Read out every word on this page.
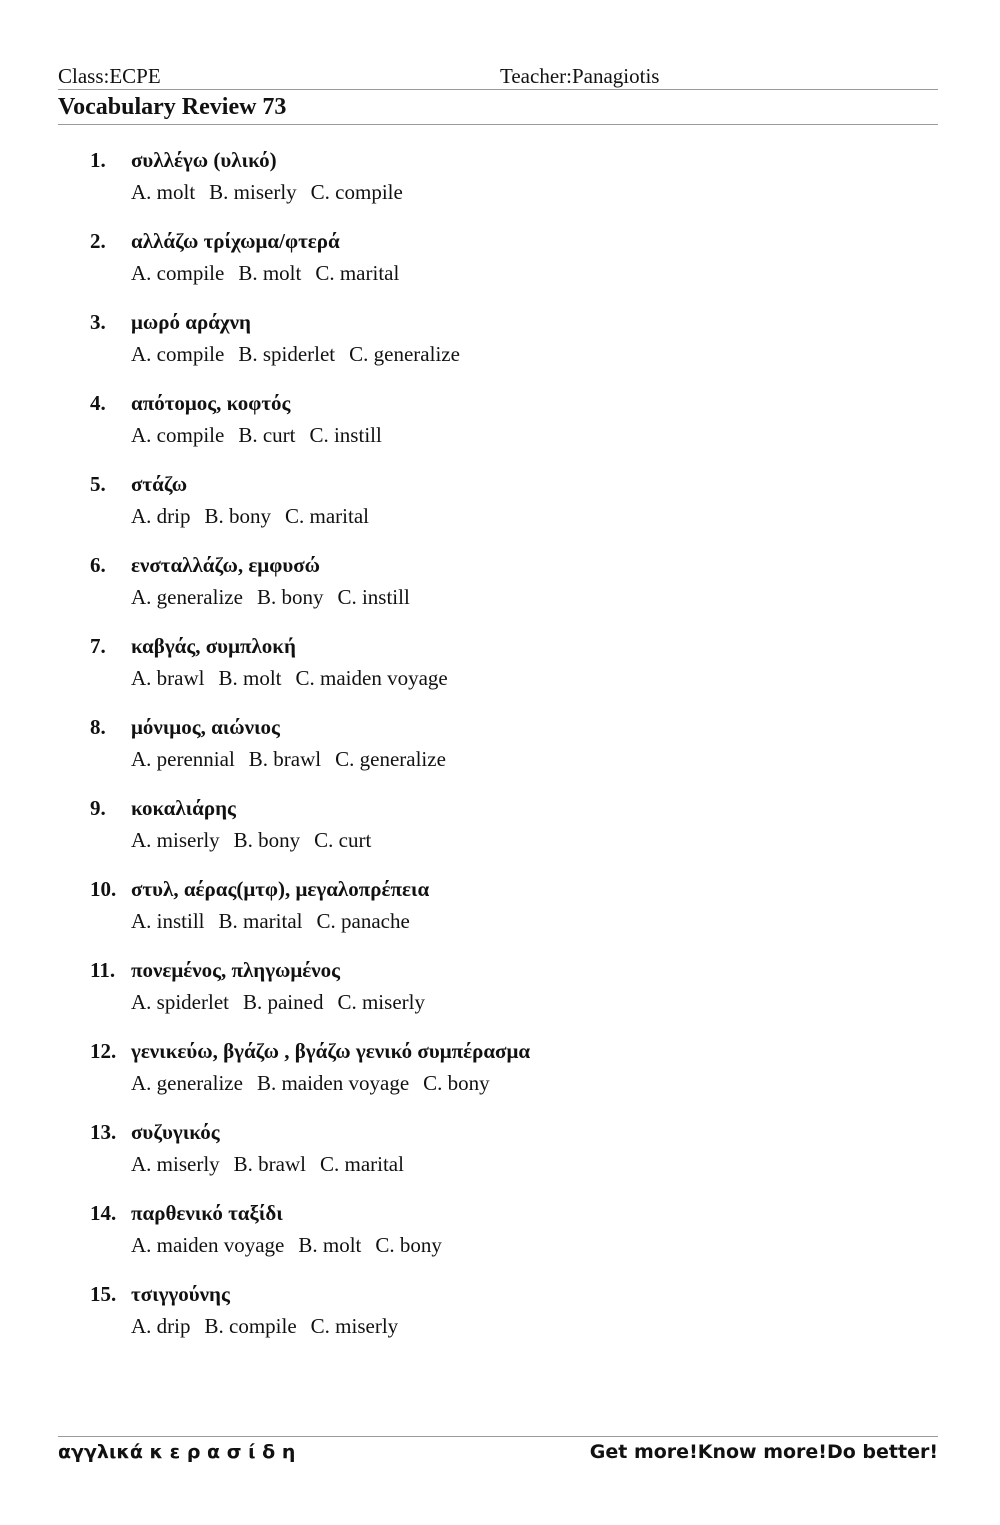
Class:ECPE	Teacher:Panagiotis
Vocabulary Review 73
1. συλλέγω (υλικό)
A. molt B. miserly C. compile
2. αλλάζω τρίχωμα/φτερά
A. compile B. molt C. marital
3. μωρό αράχνη
A. compile B. spiderlet C. generalize
4. απότομος, κοφτός
A. compile B. curt C. instill
5. στάζω
A. drip B. bony C. marital
6. ενσταλλάζω, εμφυσώ
A. generalize B. bony C. instill
7. καβγάς, συμπλοκή
A. brawl B. molt C. maiden voyage
8. μόνιμος, αιώνιος
A. perennial B. brawl C. generalize
9. κοκαλιάρης
A. miserly B. bony C. curt
10. στυλ, αέρας(μτφ), μεγαλοπρέπεια
A. instill B. marital C. panache
11. πονεμένος, πληγωμένος
A. spiderlet B. pained C. miserly
12. γενικεύω, βγάζω , βγάζω γενικό συμπέρασμα
A. generalize B. maiden voyage C. bony
13. συζυγικός
A. miserly B. brawl C. marital
14. παρθενικό ταξίδι
A. maiden voyage B. molt C. bony
15. τσιγγούνης
A. drip B. compile C. miserly
αγγλικά κ ε ρ α σ ί δ η	Get more!Know more!Do better!
